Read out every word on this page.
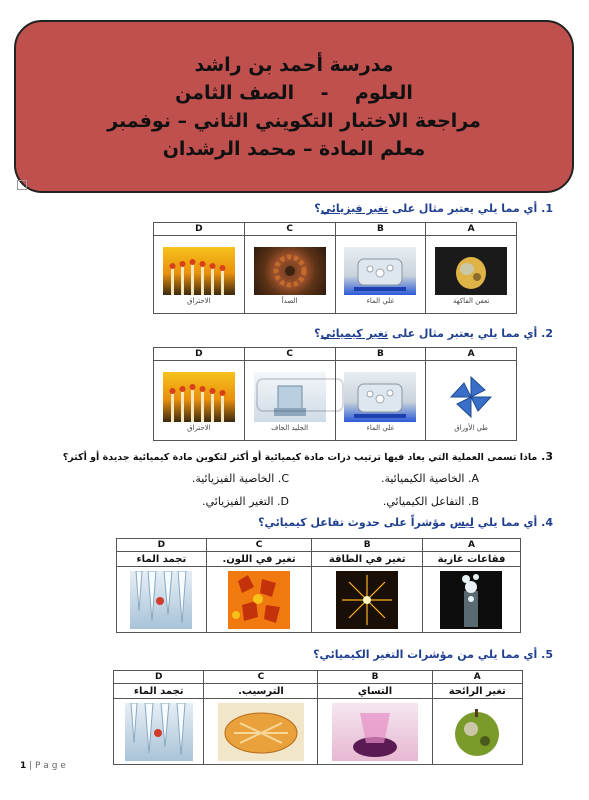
مدرسة أحمد بن راشد
العلوم    -    الصف الثامن
مراجعة الاختبار التكويني الثاني – نوفمبر
معلم المادة – محمد الرشدان
1. أي مما يلي يعتبر مثال على تغير فيزيائي؟
D	C	B	A

الاحتراق	الصدأ	غلي الماء	تعفن الفاكهة
2. أي مما يلي يعتبر مثال على تغير كيميائي؟
D	C	B	A

الاحتراق	الجليد الجاف	غلي الماء	طي الأوراق
3. ماذا تسمى العملية التي يعاد فيها ترتيب ذرات مادة كيميائية أو أكثر لتكوين مادة كيميائية جديدة أو أكثر؟
A. الخاصية الكيميائية.
C. الخاصية الفيزيائية.
B. التفاعل الكيميائي.
D. التغير الفيزيائي.
4. أي مما يلي ليس مؤشراً على حدوث تفاعل كيميائي؟
D	C	B	A
تجمد الماء	تغير في اللون.	تغير في الطاقة	فقاعات غازية

5. أي مما يلي من مؤشرات التغير الكيميائي؟
D	C	B	A
تجمد الماء	الترسيب.	التساي	تغير الرائحة

1 | P a g e
